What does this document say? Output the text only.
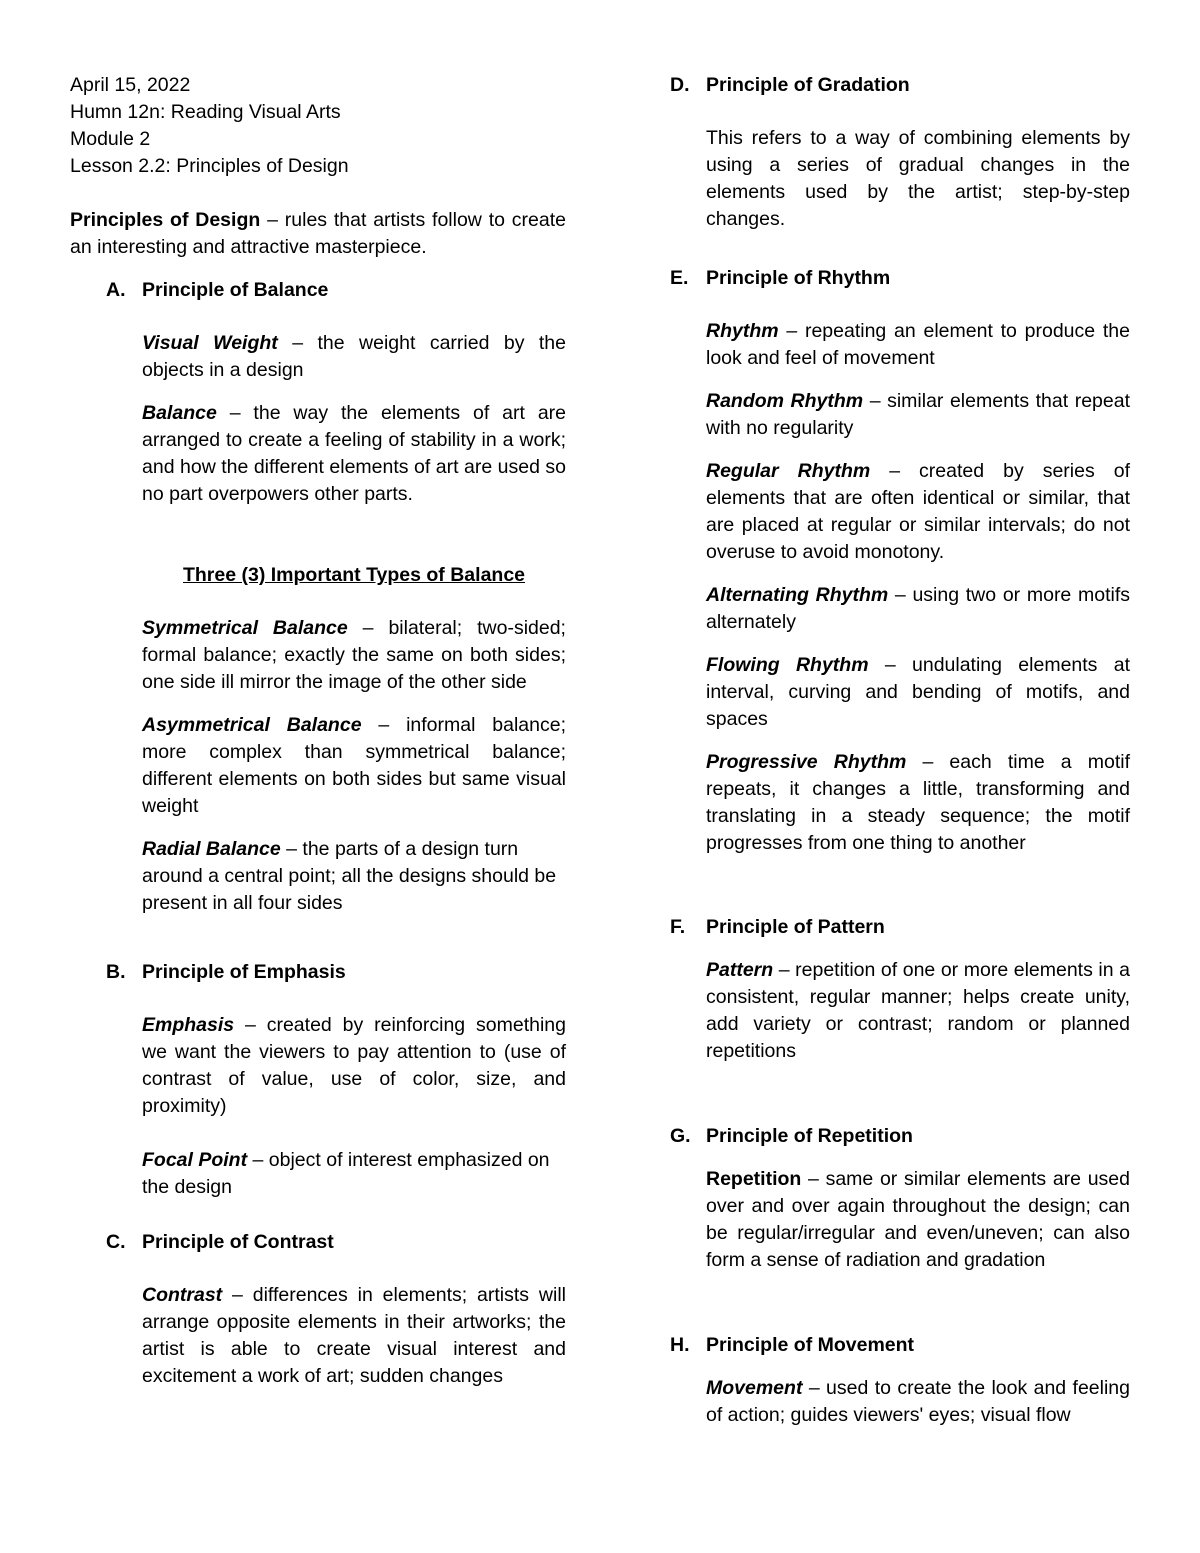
April 15, 2022

Humn 12n: Reading Visual Arts

Module 2

Lesson 2.2: Principles of Design

Principles of Design – rules that artists follow to create an interesting and attractive masterpiece.

A. Principle of Balance

Visual Weight – the weight carried by the objects in a design

Balance – the way the elements of art are arranged to create a feeling of stability in a work; and how the different elements of art are used so no part overpowers other parts.

Three (3) Important Types of Balance

Symmetrical Balance – bilateral; two-sided; formal balance; exactly the same on both sides; one side ill mirror the image of the other side

Asymmetrical Balance – informal balance; more complex than symmetrical balance; different elements on both sides but same visual weight

Radial Balance – the parts of a design turn around a central point; all the designs should be present in all four sides

B. Principle of Emphasis

Emphasis – created by reinforcing something we want the viewers to pay attention to (use of contrast of value, use of color, size, and proximity)

Focal Point – object of interest emphasized on the design

C. Principle of Contrast

Contrast – differences in elements; artists will arrange opposite elements in their artworks; the artist is able to create visual interest and excitement a work of art; sudden changes

D. Principle of Gradation

This refers to a way of combining elements by using a series of gradual changes in the elements used by the artist; step-by-step changes.

E. Principle of Rhythm

Rhythm – repeating an element to produce the look and feel of movement

Random Rhythm – similar elements that repeat with no regularity

Regular Rhythm – created by series of elements that are often identical or similar, that are placed at regular or similar intervals; do not overuse to avoid monotony.

Alternating Rhythm – using two or more motifs alternately

Flowing Rhythm – undulating elements at interval, curving and bending of motifs, and spaces

Progressive Rhythm – each time a motif repeats, it changes a little, transforming and translating in a steady sequence; the motif progresses from one thing to another

F.	Principle of Pattern

Pattern – repetition of one or more elements in a consistent, regular manner; helps create unity, add variety or contrast; random or planned repetitions

G. Principle of Repetition

Repetition – same or similar elements are used over and over again throughout the design; can be regular/irregular and even/uneven; can also form a sense of radiation and gradation

H. Principle of Movement

Movement – used to create the look and feeling of action; guides viewers' eyes; visual flow
